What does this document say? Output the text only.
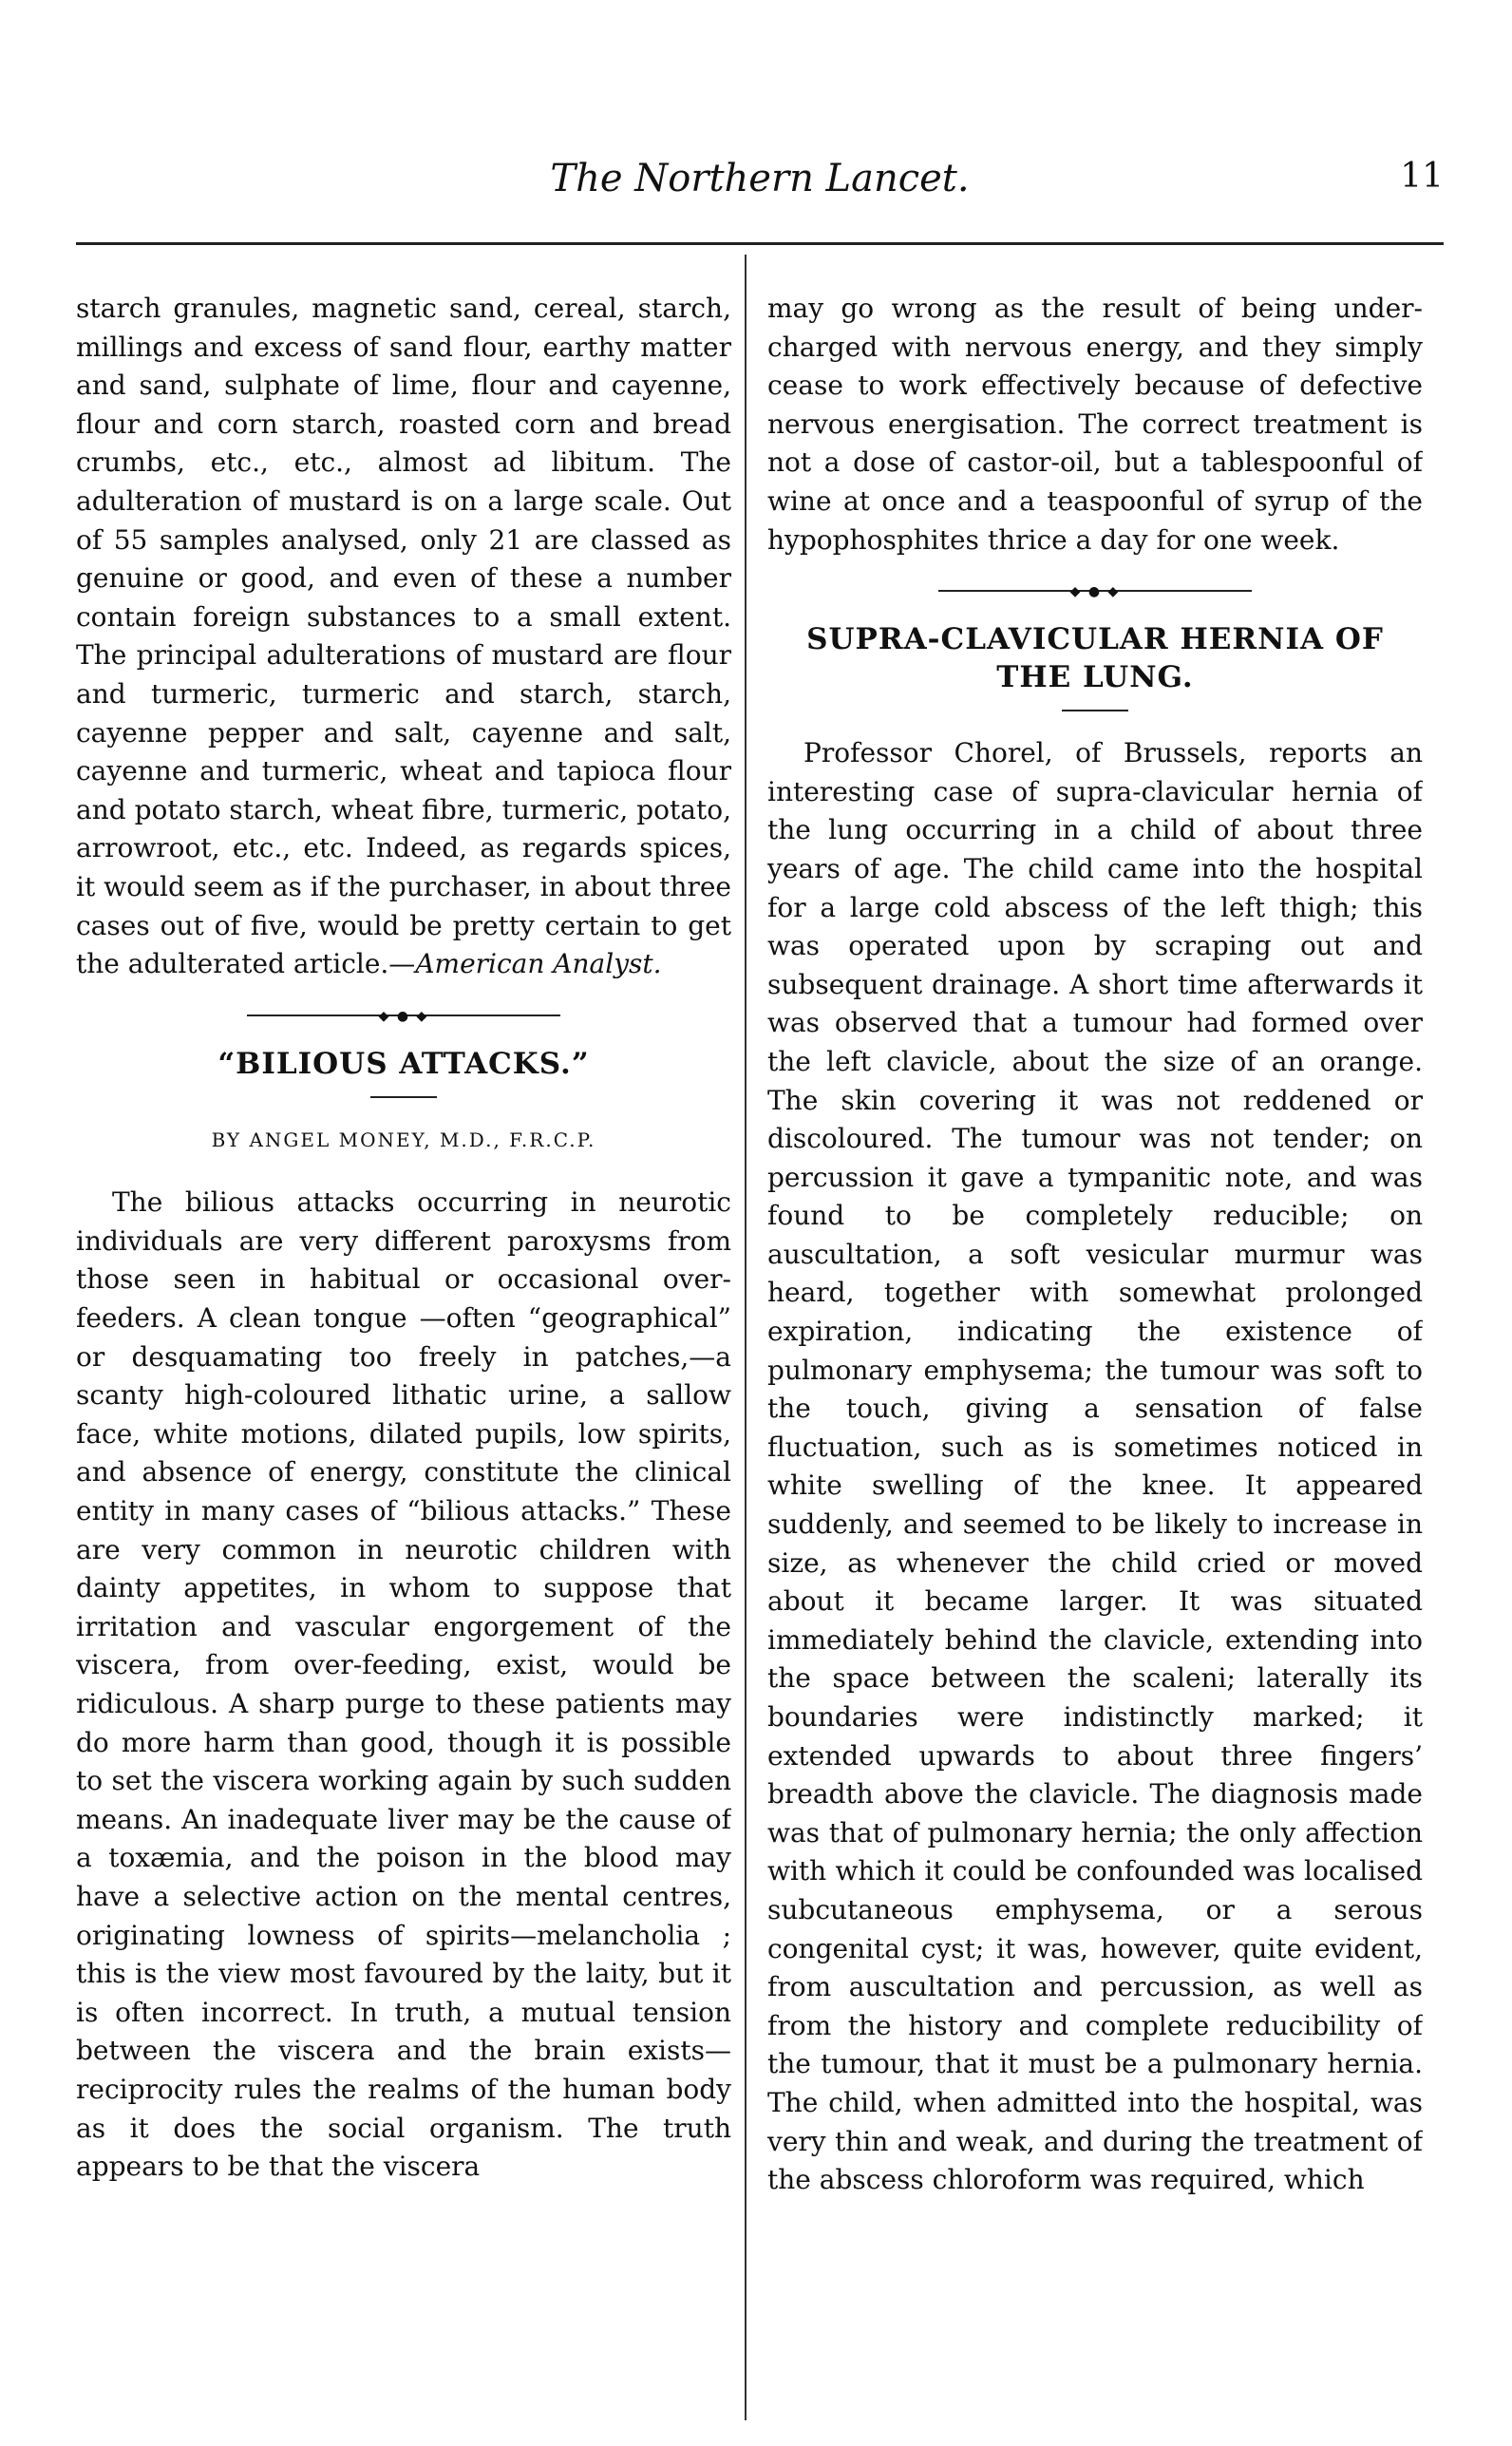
The Northern Lancet.	11

starch granules, magnetic sand, cereal, starch, millings and excess of sand flour, earthy matter and sand, sulphate of lime, flour and cayenne, flour and corn starch, roasted corn and bread crumbs, etc., etc., almost ad libitum. The adulteration of mustard is on a large scale. Out of 55 samples analysed, only 21 are classed as genuine or good, and even of these a number contain foreign substances to a small extent. The principal adulterations of mustard are flour and turmeric, turmeric and starch, starch, cayenne pepper and salt, cayenne and salt, cayenne and turmeric, wheat and tapioca flour and potato starch, wheat fibre, turmeric, potato, arrowroot, etc., etc. Indeed, as regards spices, it would seem as if the purchaser, in about three cases out of five, would be pretty certain to get the adulterated article.—American Analyst.

◆ ● ◆
“BILIOUS ATTACKS.”
BY ANGEL MONEY, M.D., F.R.C.P.

The bilious attacks occurring in neurotic individuals are very different paroxysms from those seen in habitual or occasional over-feeders. A clean tongue —often “geographical” or desquamating too freely in patches,—a scanty high-coloured lithatic urine, a sallow face, white motions, dilated pupils, low spirits, and absence of energy, constitute the clinical entity in many cases of “bilious attacks.” These are very common in neurotic children with dainty appetites, in whom to suppose that irritation and vascular engorgement of the viscera, from over-feeding, exist, would be ridiculous. A sharp purge to these patients may do more harm than good, though it is possible to set the viscera working again by such sudden means. An inadequate liver may be the cause of a toxæmia, and the poison in the blood may have a selective action on the mental centres, originating lowness of spirits—melancholia ; this is the view most favoured by the laity, but it is often incorrect. In truth, a mutual tension between the viscera and the brain exists—reciprocity rules the realms of the human body as it does the social organism. The truth appears to be that the viscera

may go wrong as the result of being under-charged with nervous energy, and they simply cease to work effectively because of defective nervous energisation. The correct treatment is not a dose of castor-oil, but a tablespoonful of wine at once and a teaspoonful of syrup of the hypophosphites thrice a day for one week.

◆ ● ◆
SUPRA-CLAVICULAR HERNIA OF THE LUNG.

Professor Chorel, of Brussels, reports an interesting case of supra-clavicular hernia of the lung occurring in a child of about three years of age. The child came into the hospital for a large cold abscess of the left thigh; this was operated upon by scraping out and subsequent drainage. A short time afterwards it was observed that a tumour had formed over the left clavicle, about the size of an orange. The skin covering it was not reddened or discoloured. The tumour was not tender; on percussion it gave a tympanitic note, and was found to be completely reducible; on auscultation, a soft vesicular murmur was heard, together with somewhat prolonged expiration, indicating the existence of pulmonary emphysema; the tumour was soft to the touch, giving a sensation of false fluctuation, such as is sometimes noticed in white swelling of the knee. It appeared suddenly, and seemed to be likely to increase in size, as whenever the child cried or moved about it became larger. It was situated immediately behind the clavicle, extending into the space between the scaleni; laterally its boundaries were indistinctly marked; it extended upwards to about three fingers’ breadth above the clavicle. The diagnosis made was that of pulmonary hernia; the only affection with which it could be confounded was localised subcutaneous emphysema, or a serous congenital cyst; it was, however, quite evident, from auscultation and percussion, as well as from the history and complete reducibility of the tumour, that it must be a pulmonary hernia. The child, when admitted into the hospital, was very thin and weak, and during the treatment of the abscess chloroform was required, which
